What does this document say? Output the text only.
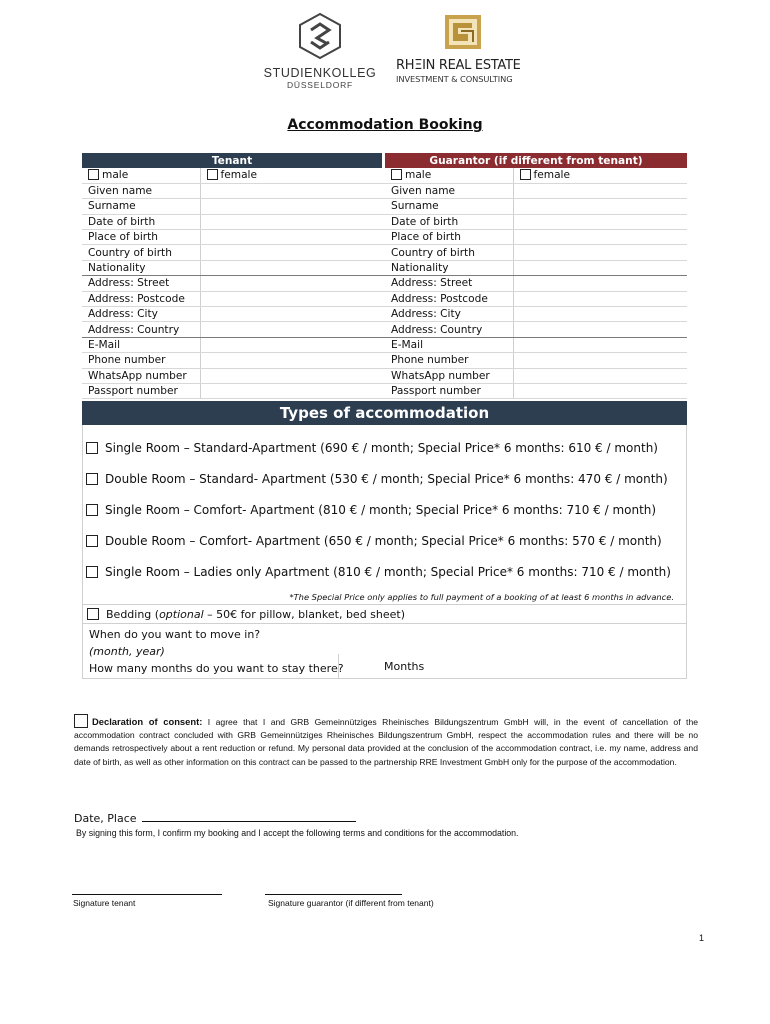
STUDIENKOLLEG
DÜSSELDORF
RHΞIN REAL ESTATE
INVESTMENT & CONSULTING
Accommodation Booking
Tenant			Guarantor (if different from tenant)	
male	female		male	female
Given name			Given name	
Surname			Surname	
Date of birth			Date of birth	
Place of birth			Place of birth	
Country of birth			Country of birth	
Nationality			Nationality	
Address: Street			Address: Street	
Address: Postcode			Address: Postcode	
Address: City			Address: City	
Address: Country			Address: Country	
E-Mail			E-Mail	
Phone number			Phone number	
WhatsApp number			WhatsApp number	
Passport number			Passport number	
Types of accommodation
Single Room – Standard-Apartment (690 € / month; Special Price* 6 months: 610 € / month)
Double Room – Standard- Apartment (530 € / month; Special Price* 6 months: 470 € / month)
Single Room – Comfort- Apartment (810 € / month; Special Price* 6 months: 710 € / month)
Double Room – Comfort- Apartment (650 € / month; Special Price* 6 months: 570 € / month)
Single Room – Ladies only Apartment (810 € / month; Special Price* 6 months: 710 € / month)
*The Special Price only applies to full payment of a booking of at least 6 months in advance.
Bedding (optional – 50€ for pillow, blanket, bed sheet)
When do you want to move in?
(month, year)
How many months do you want to stay there?	Months
Declaration of consent: I agree that I and GRB Gemeinnütziges Rheinisches Bildungszentrum GmbH will, in the event of cancellation of the accommodation contract concluded with GRB Gemeinnütziges Rheinisches Bildungszentrum GmbH, respect the accommodation rules and there will be no demands retrospectively about a rent reduction or refund. My personal data provided at the conclusion of the accommodation contract, i.e. my name, address and date of birth, as well as other information on this contract can be passed to the partnership RRE Investment GmbH only for the purpose of the accommodation.
Date, Place
By signing this form, I confirm my booking and I accept the following terms and conditions for the accommodation.
Signature tenant	Signature guarantor (if different from tenant)
1
